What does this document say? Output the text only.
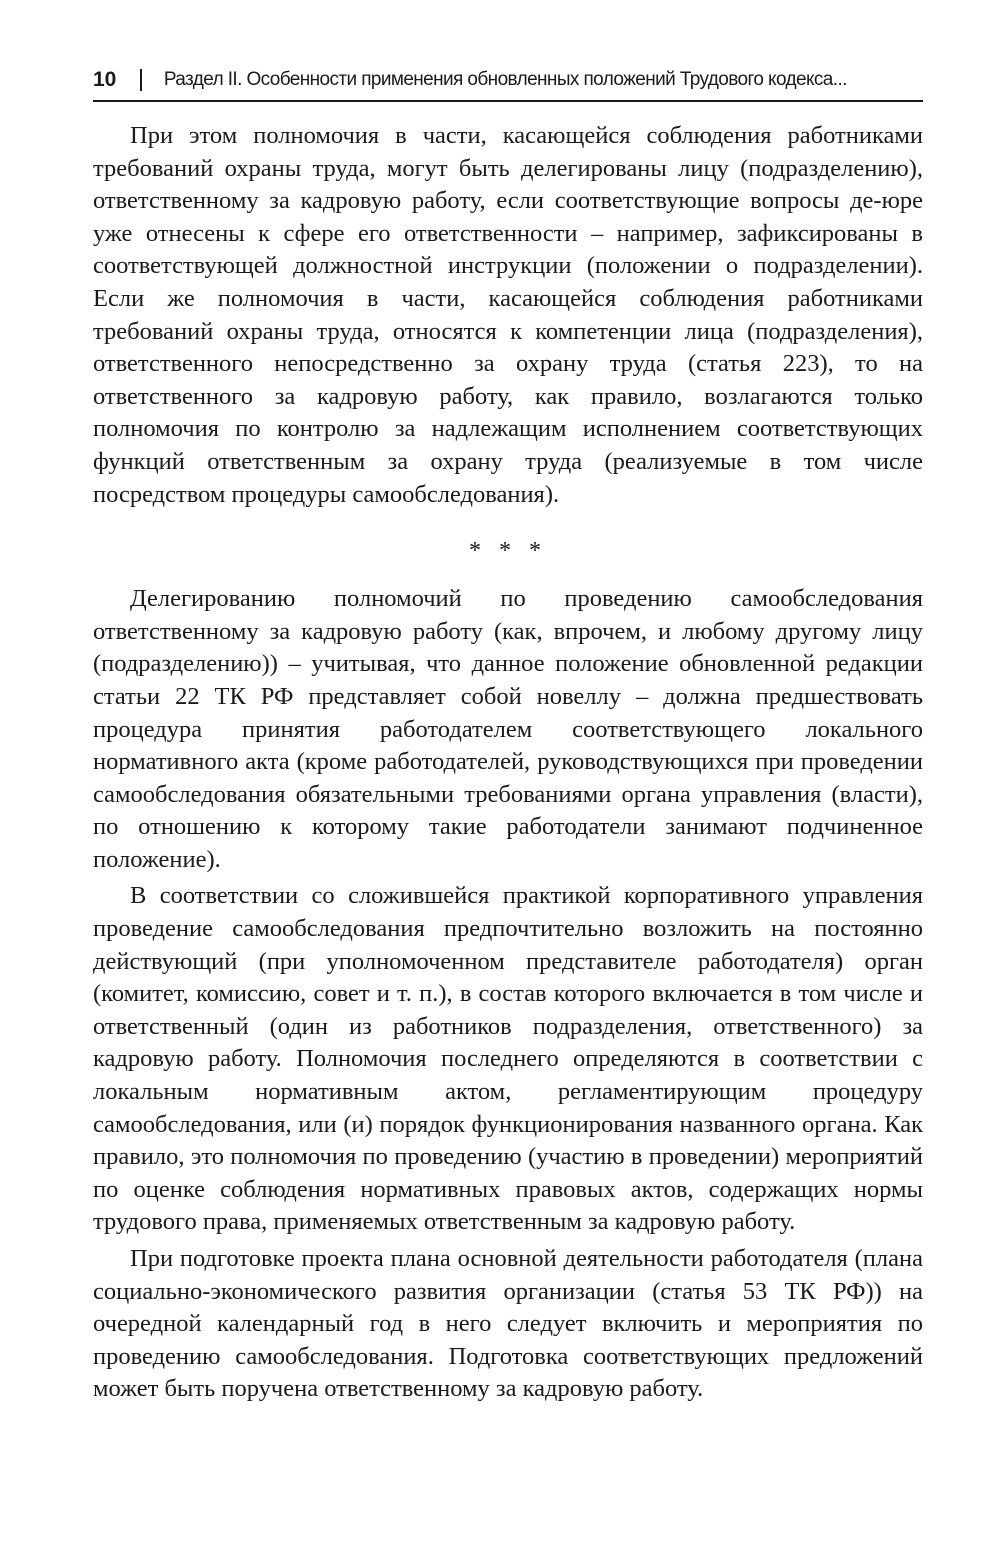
10	Раздел II. Особенности применения обновленных положений Трудового кодекса...

При этом полномочия в части, касающейся соблюдения работниками требований охраны труда, могут быть делегированы лицу (подразделению), ответственному за кадровую работу, если соответствующие вопросы де-юре уже отнесены к сфере его ответственности – например, зафиксированы в соответствующей должностной инструкции (положении о подразделении). Если же полномочия в части, касающейся соблюдения работниками требований охраны труда, относятся к компетенции лица (подразделения), ответственного непосредственно за охрану труда (статья 223), то на ответственного за кадровую работу, как правило, возлагаются только полномочия по контролю за надлежащим исполнением соответствующих функций ответственным за охрану труда (реализуемые в том числе посредством процедуры самообследования).

* * *

Делегированию полномочий по проведению самообследования ответственному за кадровую работу (как, впрочем, и любому другому лицу (подразделению)) – учитывая, что данное положение обновленной редакции статьи 22 ТК РФ представляет собой новеллу – должна предшествовать процедура принятия работодателем соответствующего локального нормативного акта (кроме работодателей, руководствующихся при проведении самообследования обязательными требованиями органа управления (власти), по отношению к которому такие работодатели занимают подчиненное положение).

В соответствии со сложившейся практикой корпоративного управления проведение самообследования предпочтительно возложить на постоянно действующий (при уполномоченном представителе работодателя) орган (комитет, комиссию, совет и т. п.), в состав которого включается в том числе и ответственный (один из работников подразделения, ответственного) за кадровую работу. Полномочия последнего определяются в соответствии с локальным нормативным актом, регламентирующим процедуру самообследования, или (и) порядок функционирования названного органа. Как правило, это полномочия по проведению (участию в проведении) мероприятий по оценке соблюдения нормативных правовых актов, содержащих нормы трудового права, применяемых ответственным за кадровую работу.

При подготовке проекта плана основной деятельности работодателя (плана социально-экономического развития организации (статья 53 ТК РФ)) на очередной календарный год в него следует включить и мероприятия по проведению самообследования. Подготовка соответствующих предложений может быть поручена ответственному за кадровую работу.
